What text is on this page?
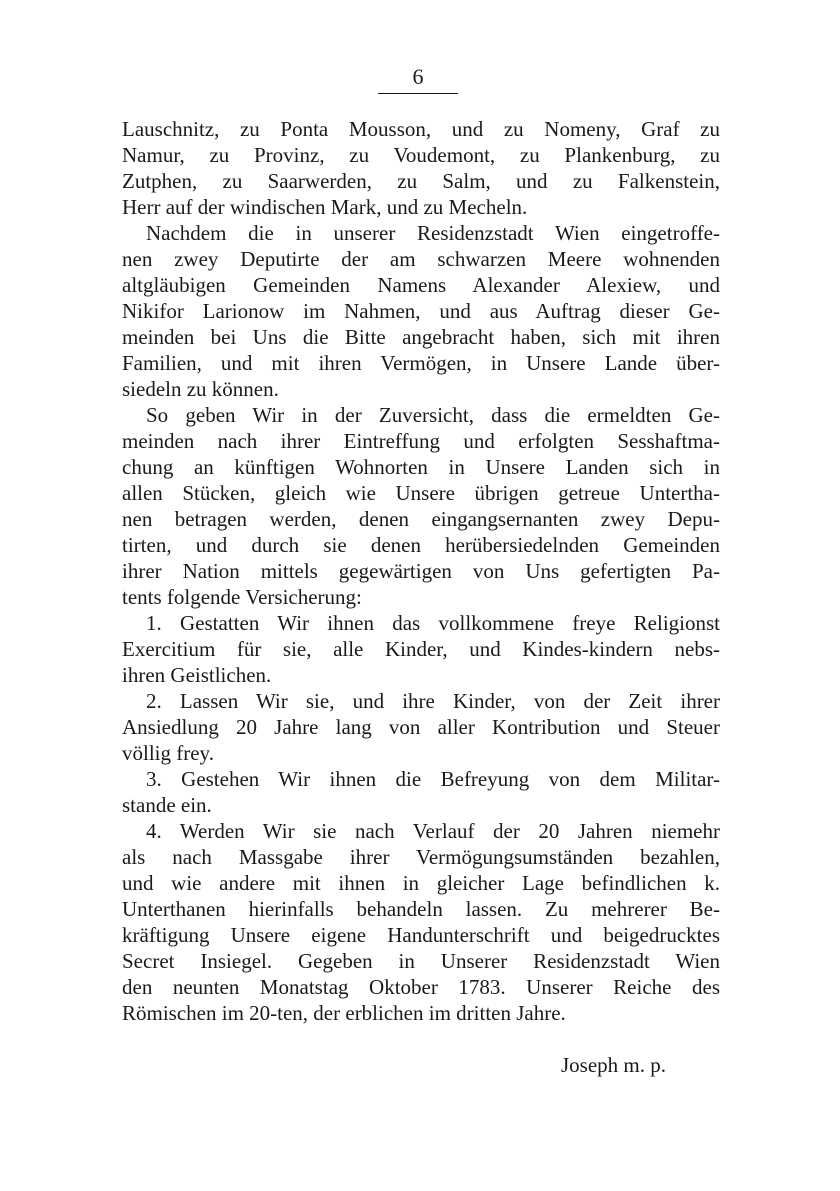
6
Lauschnitz, zu Ponta Mousson, und zu Nomeny, Graf zu
Namur, zu Provinz, zu Voudemont, zu Plankenburg, zu
Zutphen, zu Saarwerden, zu Salm, und zu Falkenstein,
Herr auf der windischen Mark, und zu Mecheln.
Nachdem die in unserer Residenzstadt Wien eingetroffe-
nen zwey Deputirte der am schwarzen Meere wohnenden
altgläubigen Gemeinden Namens Alexander Alexiew, und
Nikifor Larionow im Nahmen, und aus Auftrag dieser Ge-
meinden bei Uns die Bitte angebracht haben, sich mit ihren
Familien, und mit ihren Vermögen, in Unsere Lande über-
siedeln zu können.
So geben Wir in der Zuversicht, dass die ermeldten Ge-
meinden nach ihrer Eintreffung und erfolgten Sesshaftma-
chung an künftigen Wohnorten in Unsere Landen sich in
allen Stücken, gleich wie Unsere übrigen getreue Untertha-
nen betragen werden, denen eingangsernanten zwey Depu-
tirten, und durch sie denen herübersiedelnden Gemeinden
ihrer Nation mittels gegewärtigen von Uns gefertigten Pa-
tents folgende Versicherung:
1. Gestatten Wir ihnen das vollkommene freye Religionst
Exercitium für sie, alle Kinder, und Kindes-kindern nebs-
ihren Geistlichen.
2. Lassen Wir sie, und ihre Kinder, von der Zeit ihrer
Ansiedlung 20 Jahre lang von aller Kontribution und Steuer
völlig frey.
3. Gestehen Wir ihnen die Befreyung von dem Militar-
stande ein.
4. Werden Wir sie nach Verlauf der 20 Jahren niemehr
als nach Massgabe ihrer Vermögungsumständen bezahlen,
und wie andere mit ihnen in gleicher Lage befindlichen k.
Unterthanen hierinfalls behandeln lassen. Zu mehrerer Be-
kräftigung Unsere eigene Handunterschrift und beigedrucktes
Secret Insiegel. Gegeben in Unserer Residenzstadt Wien
den neunten Monatstag Oktober 1783. Unserer Reiche des
Römischen im 20-ten, der erblichen im dritten Jahre.
Joseph m. p.
